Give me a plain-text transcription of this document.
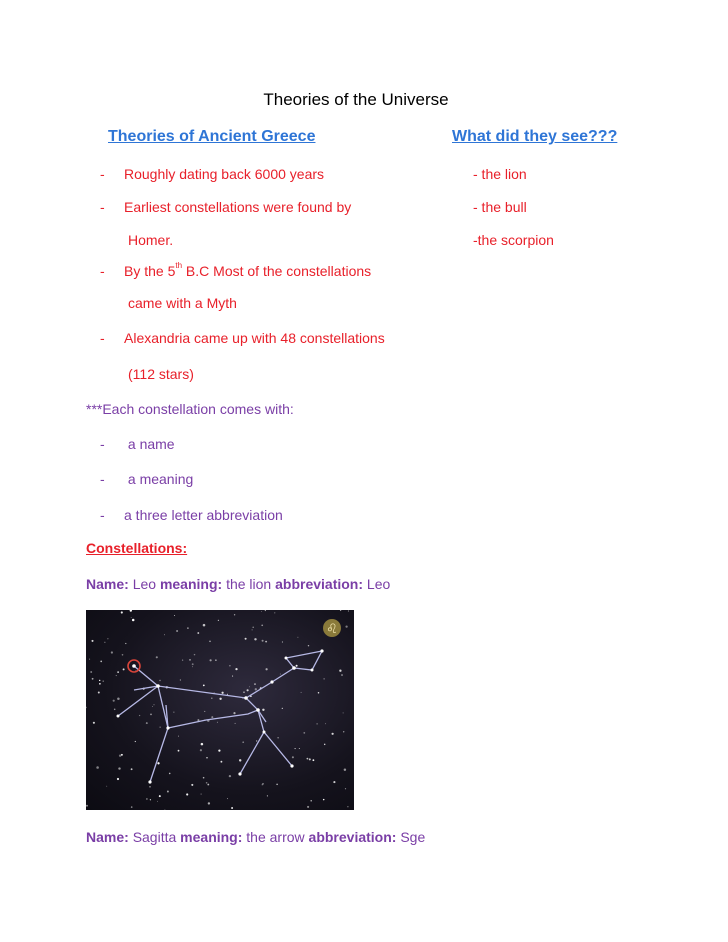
Theories of the Universe
Theories of Ancient Greece	What did they see???
- Roughly dating back 6000 years
- Earliest constellations were found by
Homer.
- By the 5th B.C Most of the constellations
came with a Myth
- Alexandria came up with 48 constellations
(112 stars)
- the lion
- the bull
-the scorpion
***Each constellation comes with:
- a name
- a meaning
- a three letter abbreviation
Constellations:
Name: Leo meaning: the lion abbreviation: Leo
♌
Name: Sagitta meaning: the arrow abbreviation: Sge
